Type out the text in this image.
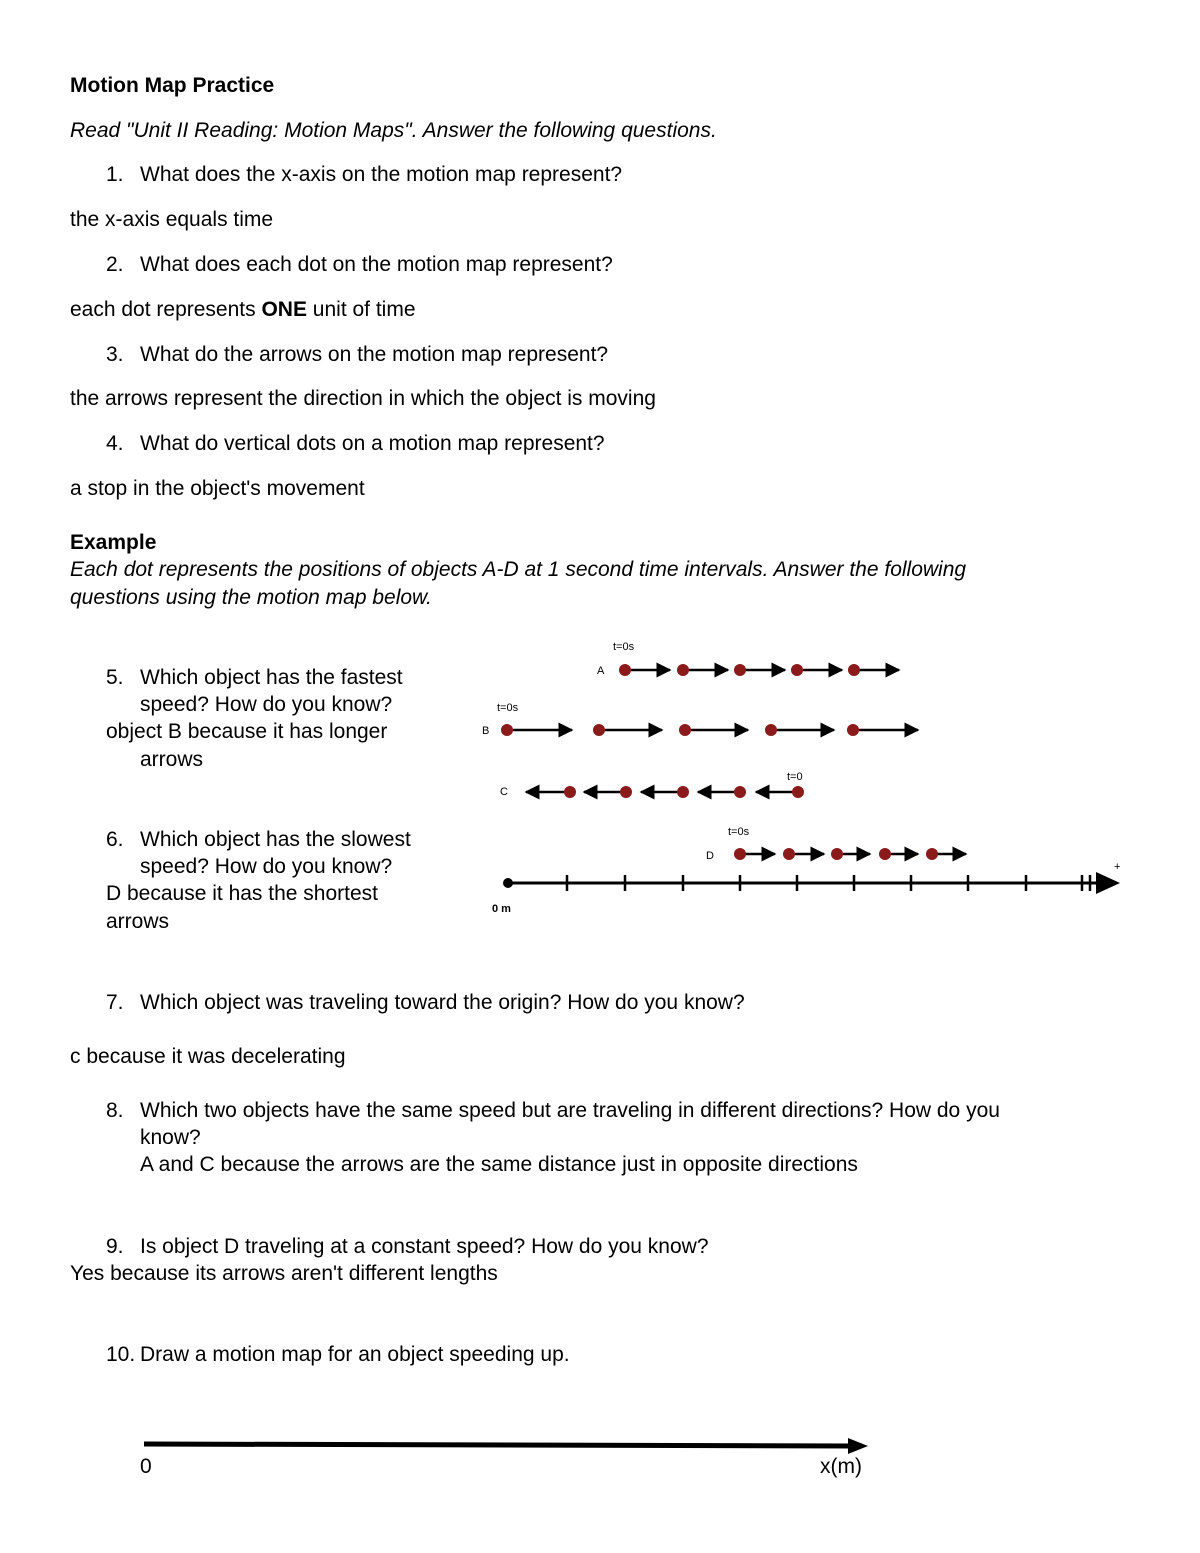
Motion Map Practice
Read "Unit II Reading: Motion Maps". Answer the following questions.
1. What does the x-axis on the motion map represent?
the x-axis equals time
2. What does each dot on the motion map represent?
each dot represents ONE unit of time
3. What do the arrows on the motion map represent?
the arrows represent the direction in which the object is moving
4. What do vertical dots on a motion map represent?
a stop in the object's movement
Example
Each dot represents the positions of objects A-D at 1 second time intervals. Answer the following
questions using the motion map below.
5. Which object has the fastest
speed? How do you know?
object B because it has longer
arrows
6. Which object has the slowest
speed? How do you know?
D because it has the shortest
arrows
t=0s
A
t=0s
B
t=0
C
t=0s
D
0 m
+
7. Which object was traveling toward the origin? How do you know?
c because it was decelerating
8. Which two objects have the same speed but are traveling in different directions? How do you
know?
A and C because the arrows are the same distance just in opposite directions
9. Is object D traveling at a constant speed? How do you know?
Yes because its arrows aren't different lengths
10. Draw a motion map for an object speeding up.
0	x(m)
